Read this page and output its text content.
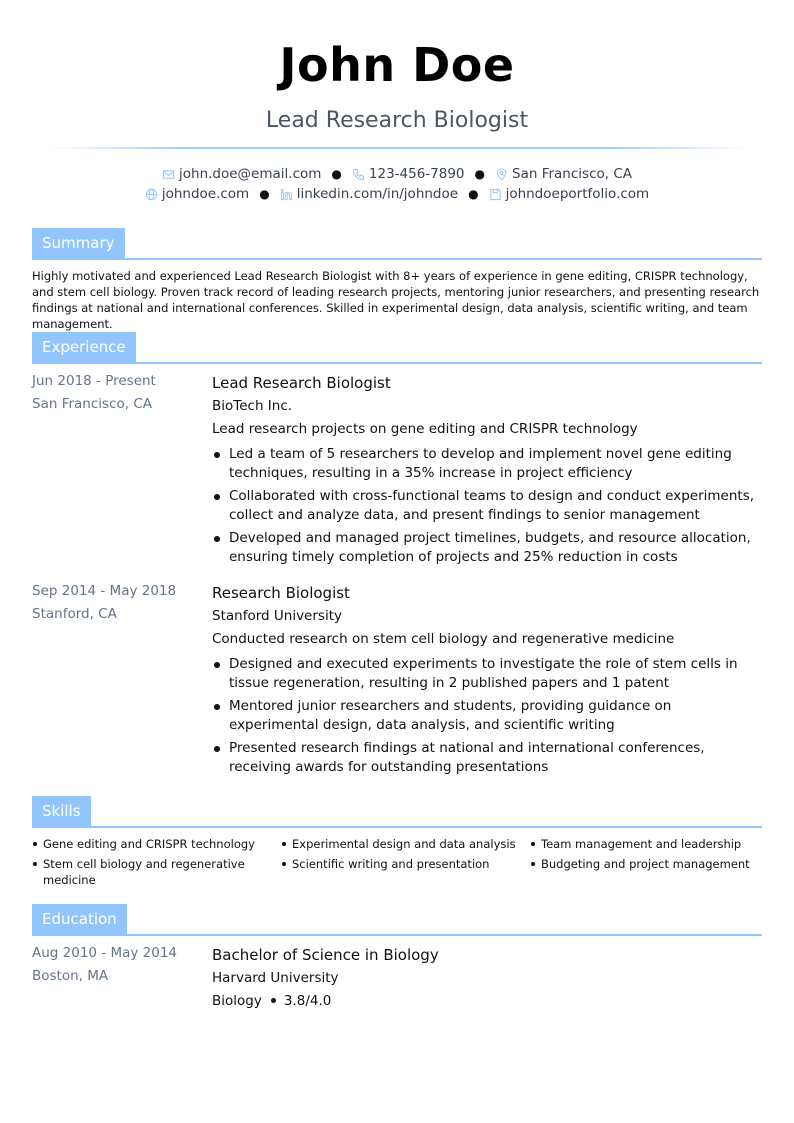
John Doe
Lead Research Biologist
john.doe@email.com ● 123-456-7890 ● San Francisco, CA
johndoe.com ● linkedin.com/in/johndoe ● johndoeportfolio.com
Summary
Highly motivated and experienced Lead Research Biologist with 8+ years of experience in gene editing, CRISPR technology, and stem cell biology. Proven track record of leading research projects, mentoring junior researchers, and presenting research findings at national and international conferences. Skilled in experimental design, data analysis, scientific writing, and team management.
Experience
Jun 2018 - Present
San Francisco, CA
Lead Research Biologist
BioTech Inc.
Lead research projects on gene editing and CRISPR technology
Led a team of 5 researchers to develop and implement novel gene editing techniques, resulting in a 35% increase in project efficiency
Collaborated with cross-functional teams to design and conduct experiments, collect and analyze data, and present findings to senior management
Developed and managed project timelines, budgets, and resource allocation, ensuring timely completion of projects and 25% reduction in costs
Sep 2014 - May 2018
Stanford, CA
Research Biologist
Stanford University
Conducted research on stem cell biology and regenerative medicine
Designed and executed experiments to investigate the role of stem cells in tissue regeneration, resulting in 2 published papers and 1 patent
Mentored junior researchers and students, providing guidance on experimental design, data analysis, and scientific writing
Presented research findings at national and international conferences, receiving awards for outstanding presentations
Skills
Gene editing and CRISPR technology	Experimental design and data analysis	Team management and leadership
Stem cell biology and regenerative medicine
Scientific writing and presentation	Budgeting and project management
Education
Aug 2010 - May 2014
Boston, MA
Bachelor of Science in Biology
Harvard University
Biology 3.8/4.0
